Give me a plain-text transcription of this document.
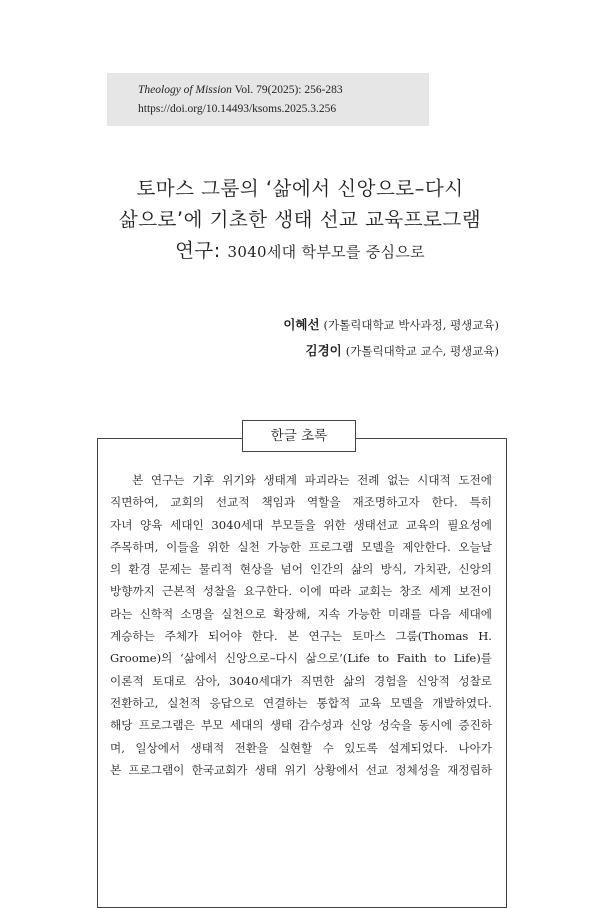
Theology of Mission Vol. 79(2025): 256-283
https://doi.org/10.14493/ksoms.2025.3.256
토마스 그룸의 ‘삶에서 신앙으로–다시
삶으로’에 기초한 생태 선교 교육프로그램
연구: 3040세대 학부모를 중심으로
이혜선 (가톨릭대학교 박사과정, 평생교육)
김경이 (가톨릭대학교 교수, 평생교육)
한글 초록
본 연구는 기후 위기와 생태계 파괴라는 전례 없는 시대적 도전에
직면하여, 교회의 선교적 책임과 역할을 재조명하고자 한다. 특히
자녀 양육 세대인 3040세대 부모들을 위한 생태선교 교육의 필요성에
주목하며, 이들을 위한 실천 가능한 프로그램 모델을 제안한다. 오늘날
의 환경 문제는 물리적 현상을 넘어 인간의 삶의 방식, 가치관, 신앙의
방향까지 근본적 성찰을 요구한다. 이에 따라 교회는 창조 세계 보전이
라는 신학적 소명을 실천으로 확장해, 지속 가능한 미래를 다음 세대에
계승하는 주체가 되어야 한다. 본 연구는 토마스 그룸(Thomas H.
Groome)의 ‘삶에서 신앙으로–다시 삶으로’(Life to Faith to Life)를
이론적 토대로 삼아, 3040세대가 직면한 삶의 경험을 신앙적 성찰로
전환하고, 실천적 응답으로 연결하는 통합적 교육 모델을 개발하였다.
해당 프로그램은 부모 세대의 생태 감수성과 신앙 성숙을 동시에 증진하
며, 일상에서 생태적 전환을 실현할 수 있도록 설계되었다. 나아가
본 프로그램이 한국교회가 생태 위기 상황에서 선교 정체성을 재정립하
